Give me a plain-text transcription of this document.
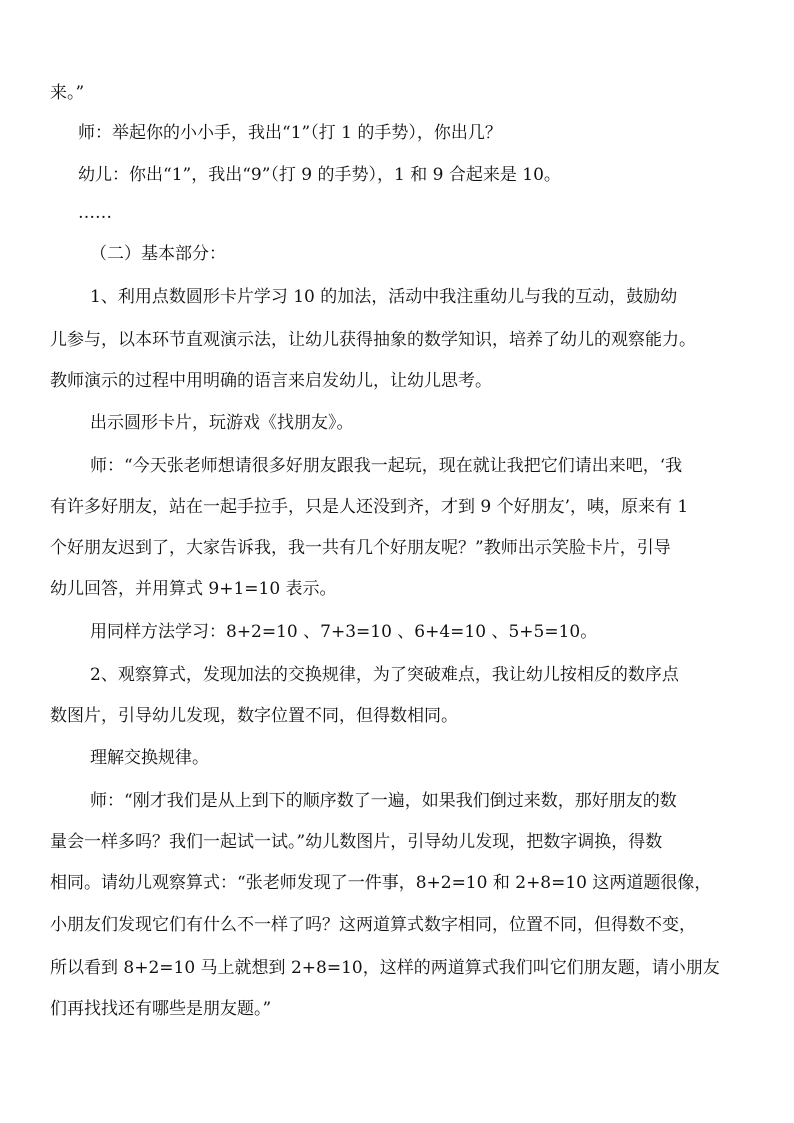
来。”
师：举起你的小小手，我出“1”（打 1 的手势），你出几？
幼儿：你出“1”，我出“9”（打 9 的手势），1 和 9 合起来是 10。
……
（二）基本部分：
1、利用点数圆形卡片学习 10 的加法，活动中我注重幼儿与我的互动，鼓励幼
儿参与，以本环节直观演示法，让幼儿获得抽象的数学知识，培养了幼儿的观察能力。
教师演示的过程中用明确的语言来启发幼儿，让幼儿思考。
出示圆形卡片，玩游戏《找朋友》。
师：“今天张老师想请很多好朋友跟我一起玩，现在就让我把它们请出来吧，‘我
有许多好朋友，站在一起手拉手，只是人还没到齐，才到 9 个好朋友’，咦，原来有 1
个好朋友迟到了，大家告诉我，我一共有几个好朋友呢？”教师出示笑脸卡片，引导
幼儿回答，并用算式 9+1=10 表示。
用同样方法学习：8+2=10 、7+3=10 、6+4=10 、5+5=10。
2、观察算式，发现加法的交换规律，为了突破难点，我让幼儿按相反的数序点
数图片，引导幼儿发现，数字位置不同，但得数相同。
理解交换规律。
师：“刚才我们是从上到下的顺序数了一遍，如果我们倒过来数，那好朋友的数
量会一样多吗？我们一起试一试。”幼儿数图片，引导幼儿发现，把数字调换，得数
相同。请幼儿观察算式：“张老师发现了一件事，8+2=10 和 2+8=10 这两道题很像，
小朋友们发现它们有什么不一样了吗？这两道算式数字相同，位置不同，但得数不变，
所以看到 8+2=10 马上就想到 2+8=10，这样的两道算式我们叫它们朋友题，请小朋友
们再找找还有哪些是朋友题。”
